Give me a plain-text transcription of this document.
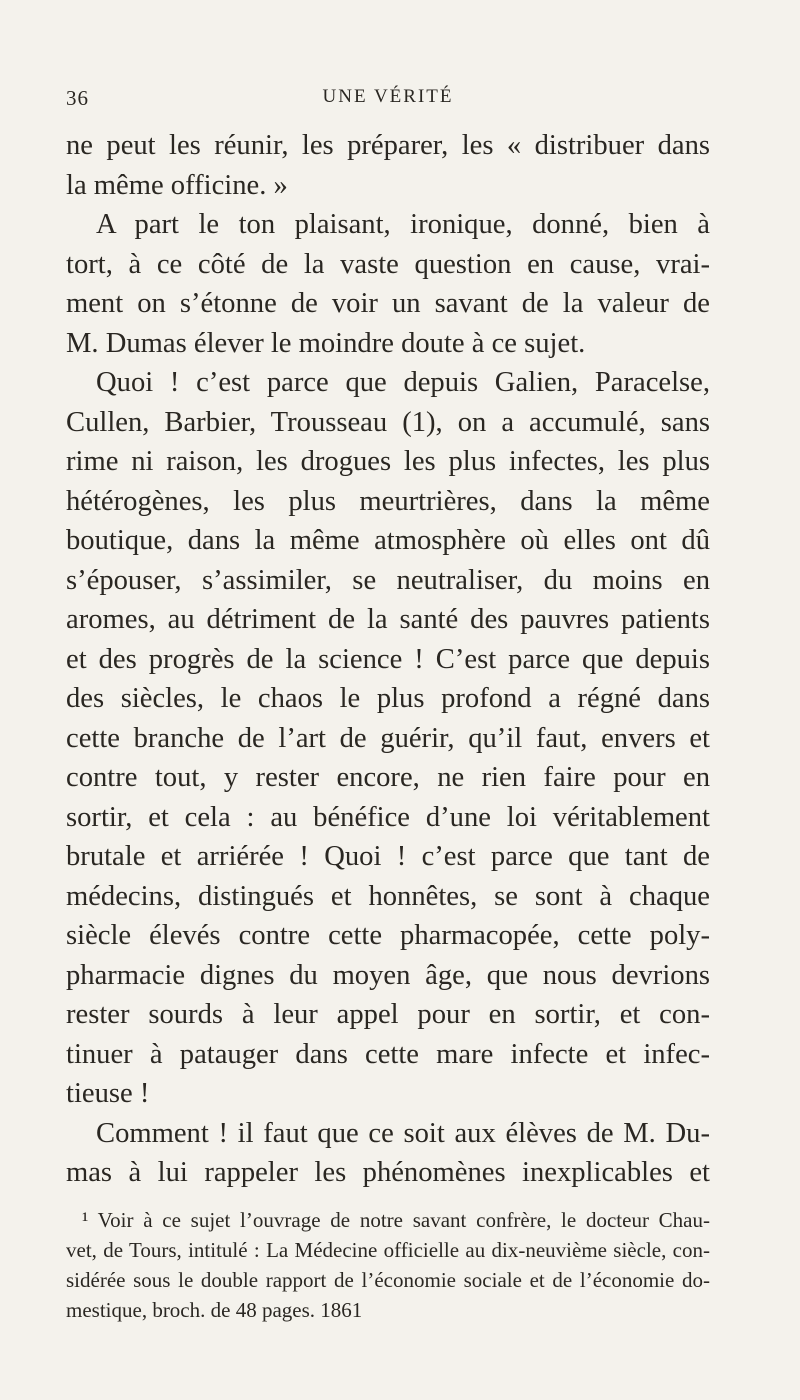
36	UNE VÉRITÉ
ne peut les réunir, les préparer, les « distribuer dans
la même officine. »
A part le ton plaisant, ironique, donné, bien à
tort, à ce côté de la vaste question en cause, vrai-
ment on s’étonne de voir un savant de la valeur de
M. Dumas élever le moindre doute à ce sujet.
Quoi ! c’est parce que depuis Galien, Paracelse,
Cullen, Barbier, Trousseau (1), on a accumulé, sans
rime ni raison, les drogues les plus infectes, les plus
hétérogènes, les plus meurtrières, dans la même
boutique, dans la même atmosphère où elles ont dû
s’épouser, s’assimiler, se neutraliser, du moins en
aromes, au détriment de la santé des pauvres patients
et des progrès de la science ! C’est parce que depuis
des siècles, le chaos le plus profond a régné dans
cette branche de l’art de guérir, qu’il faut, envers et
contre tout, y rester encore, ne rien faire pour en
sortir, et cela : au bénéfice d’une loi véritablement
brutale et arriérée ! Quoi ! c’est parce que tant de
médecins, distingués et honnêtes, se sont à chaque
siècle élevés contre cette pharmacopée, cette poly-
pharmacie dignes du moyen âge, que nous devrions
rester sourds à leur appel pour en sortir, et con-
tinuer à patauger dans cette mare infecte et infec-
tieuse !
Comment ! il faut que ce soit aux élèves de M. Du-
mas à lui rappeler les phénomènes inexplicables et
¹ Voir à ce sujet l’ouvrage de notre savant confrère, le docteur Chau-
vet, de Tours, intitulé : La Médecine officielle au dix-neuvième siècle, con-
sidérée sous le double rapport de l’économie sociale et de l’économie do-
mestique, broch. de 48 pages. 1861
